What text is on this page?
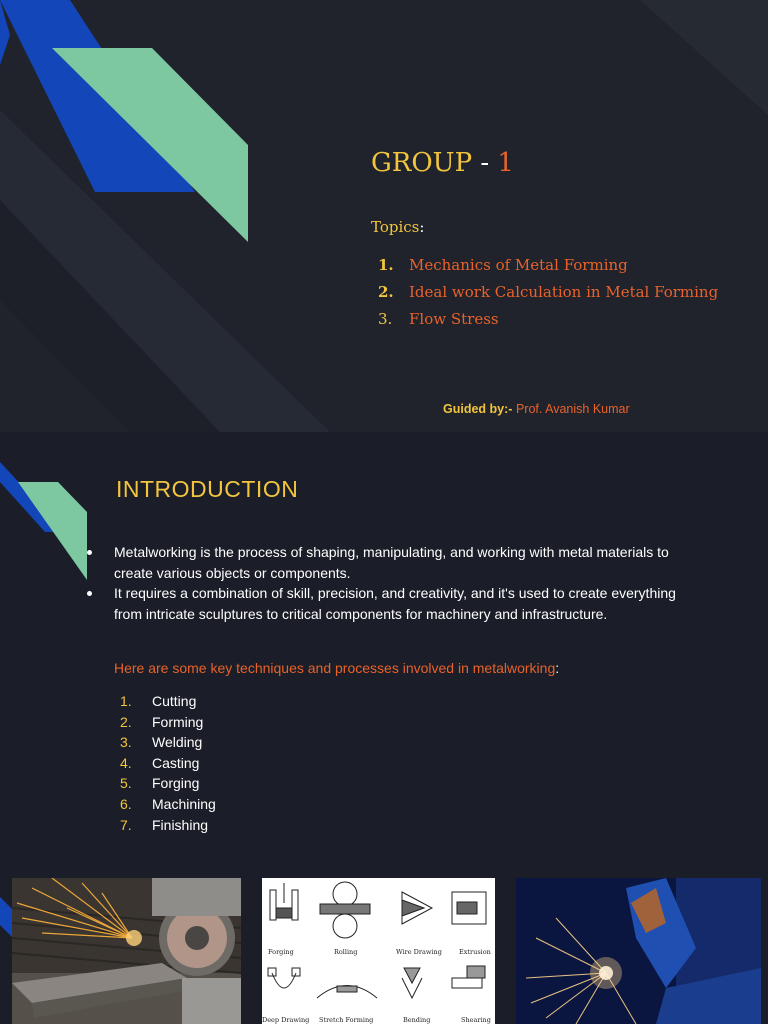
GROUP - 1
Topics:
1.	Mechanics of Metal Forming
2.	Ideal work Calculation in Metal Forming
3.	Flow Stress
Guided by:- Prof. Avanish Kumar
INTRODUCTION
Metalworking is the process of shaping, manipulating, and working with metal materials to create various objects or components.
It requires a combination of skill, precision, and creativity, and it's used to create everything from intricate sculptures to critical components for machinery and infrastructure.
Here are some key techniques and processes involved in metalworking:
1.	Cutting
2.	Forming
3.	Welding
4.	Casting
5.	Forging
6.	Machining
7.	Finishing
Forging	Rolling	Wire Drawing	Extrusion
Deep Drawing Stretch Forming	Bending	Shearing
